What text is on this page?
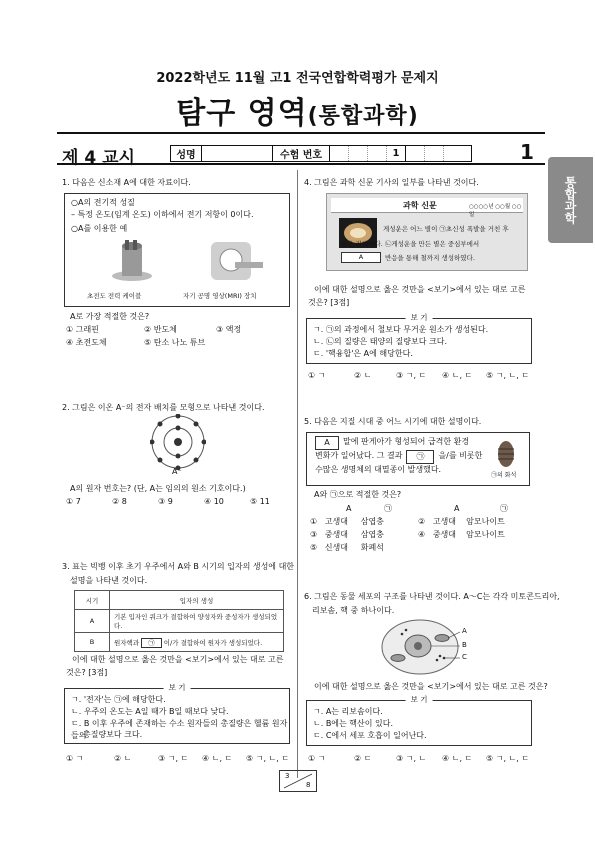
2022학년도 11월 고1 전국연합학력평가 문제지
탐구 영역(통합과학)
제 4 교시	성명	수험 번호	1	1
통합과학
1. 다음은 신소재 A에 대한 자료이다.
○A의 전기적 성질
– 특정 온도(임계 온도) 이하에서 전기 저항이 0이다.
○A를 이용한 예
초전도 전력 케이블	자기 공명 영상(MRI) 장치
A로 가장 적절한 것은?
① 그래핀	② 반도체	③ 액정
④ 초전도체	⑤ 탄소 나노 튜브
2. 그림은 이온 A⁻의 전자 배치를 모형으로 나타낸 것이다.
A⁻
A의 원자 번호는? (단, A는 임의의 원소 기호이다.)
① 7	② 8	③ 9	④ 10	⑤ 11
3. 표는 빅뱅 이후 초기 우주에서 A와 B 시기의 입자의 생성에 대한
설명을 나타낸 것이다.
시기	입자의 생성
A	기본 입자인 쿼크가 결합하여 양성자와 중성자가 생성되었다.
B	원자핵과 ㉠ 이/가 결합하여 원자가 생성되었다.
이에 대한 설명으로 옳은 것만을 <보기>에서 있는 대로 고른
것은? [3점]
보 기
ㄱ. '전자'는 ㉠에 해당한다.
ㄴ. 우주의 온도는 A일 때가 B일 때보다 낮다.
ㄷ. B 이후 우주에 존재하는 수소 원자들의 총질량은 헬륨 원자들의
총질량보다 크다.
① ㄱ	② ㄴ	③ ㄱ, ㄷ ④ ㄴ, ㄷ ⑤ ㄱ, ㄴ, ㄷ
4. 그림은 과학 신문 기사의 일부를 나타낸 것이다.
과학 신문	○○○○년 ○○월 ○○일
게성운은 어느 별이 ㉠초신성 폭발을 거친 후
남은 잔해이다. ㉡게성운을 만든 별은 중심부에서
A	반응을 통해 철까지 생성하였다.
이에 대한 설명으로 옳은 것만을 <보기>에서 있는 대로 고른
것은? [3점]
보 기
ㄱ. ㉠의 과정에서 철보다 무거운 원소가 생성된다.
ㄴ. ㉡의 질량은 태양의 질량보다 크다.
ㄷ. '핵융합'은 A에 해당한다.
① ㄱ	② ㄴ	③ ㄱ, ㄷ ④ ㄴ, ㄷ ⑤ ㄱ, ㄴ, ㄷ
5. 다음은 지질 시대 중 어느 시기에 대한 설명이다.
A	말에 판게아가 형성되어 급격한 환경
변화가 일어났다. 그 결과	㉠	을/를 비롯한
수많은 생명체의 대멸종이 발생했다.
㉠의 화석
A와 ㉠으로 적절한 것은?
A	㉠	A	㉠
① 고생대 삼엽충	② 고생대 암모나이트
③ 중생대 삼엽충	④ 중생대 암모나이트
⑤ 신생대 화폐석
6. 그림은 동물 세포의 구조를 나타낸 것이다. A～C는 각각 미토콘드리아,
리보솜, 핵 중 하나이다.
A
B
C
이에 대한 설명으로 옳은 것만을 <보기>에서 있는 대로 고른 것은?
보 기
ㄱ. A는 리보솜이다.
ㄴ. B에는 핵산이 있다.
ㄷ. C에서 세포 호흡이 일어난다.
① ㄱ	② ㄷ	③ ㄱ, ㄴ ④ ㄴ, ㄷ ⑤ ㄱ, ㄴ, ㄷ
3
8
